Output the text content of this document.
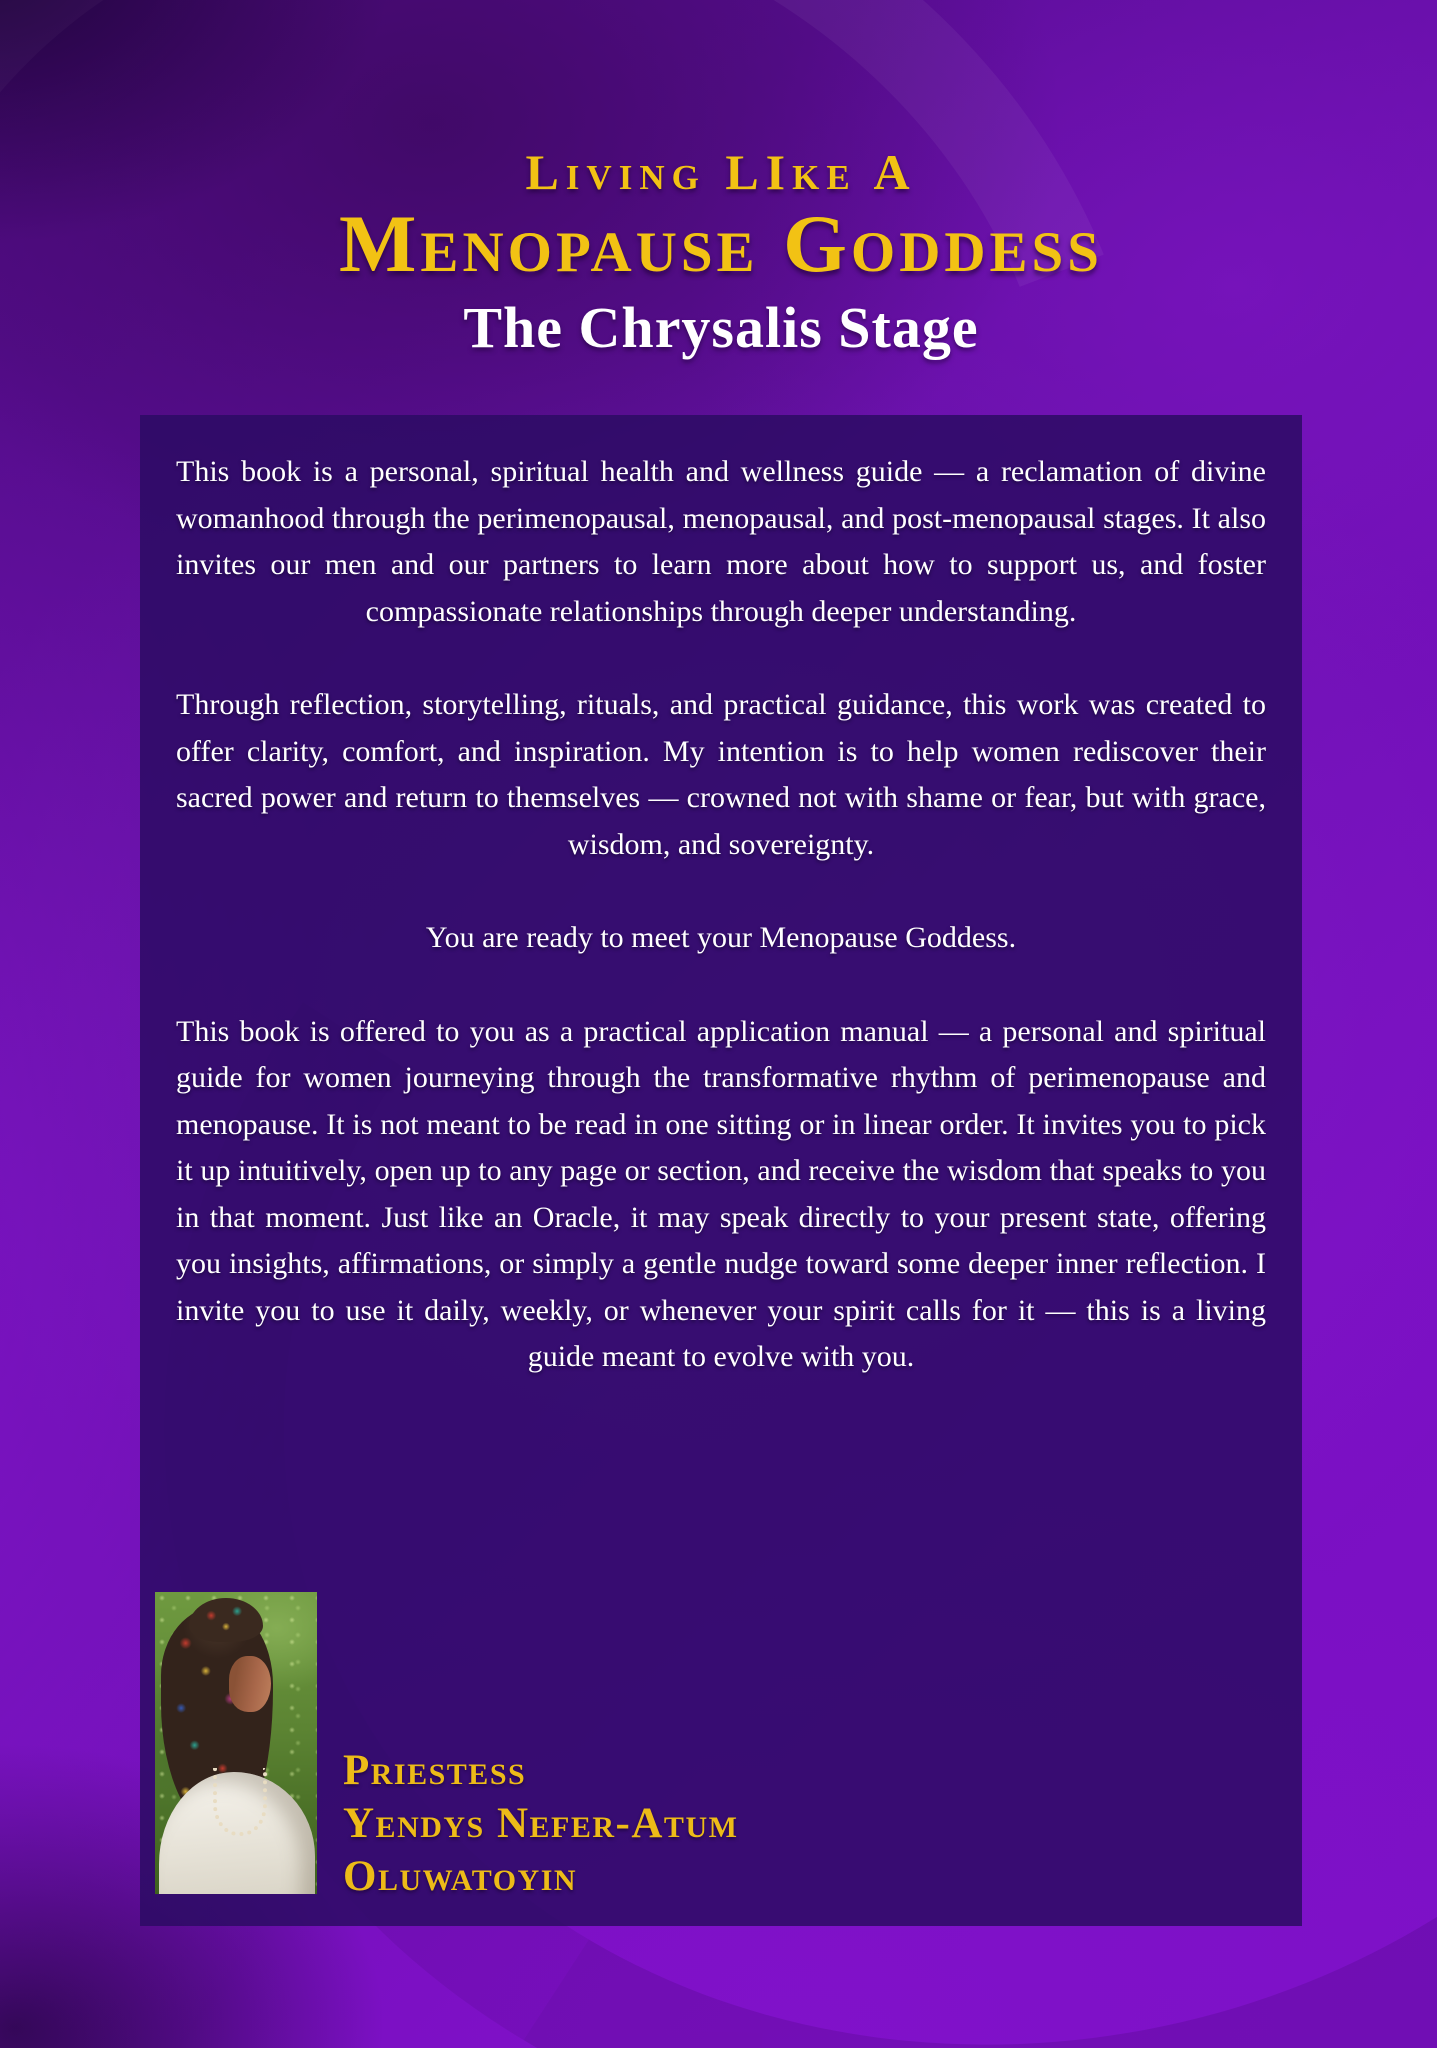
Living LIke A
Menopause Goddess
The Chrysalis Stage

This book is a personal, spiritual health and wellness guide — a reclamation of divine womanhood through the perimenopausal, menopausal, and post-menopausal stages. It also invites our men and our partners to learn more about how to support us, and foster compassionate relationships through deeper understanding.

Through reflection, storytelling, rituals, and practical guidance, this work was created to offer clarity, comfort, and inspiration. My intention is to help women rediscover their sacred power and return to themselves — crowned not with shame or fear, but with grace, wisdom, and sovereignty.

You are ready to meet your Menopause Goddess.

This book is offered to you as a practical application manual — a personal and spiritual guide for women journeying through the transformative rhythm of perimenopause and menopause. It is not meant to be read in one sitting or in linear order. It invites you to pick it up intuitively, open up to any page or section, and receive the wisdom that speaks to you in that moment. Just like an Oracle, it may speak directly to your present state, offering you insights, affirmations, or simply a gentle nudge toward some deeper inner reflection. I invite you to use it daily, weekly, or whenever your spirit calls for it — this is a living guide meant to evolve with you.

Priestess
Yendys Nefer-Atum
Oluwatoyin
